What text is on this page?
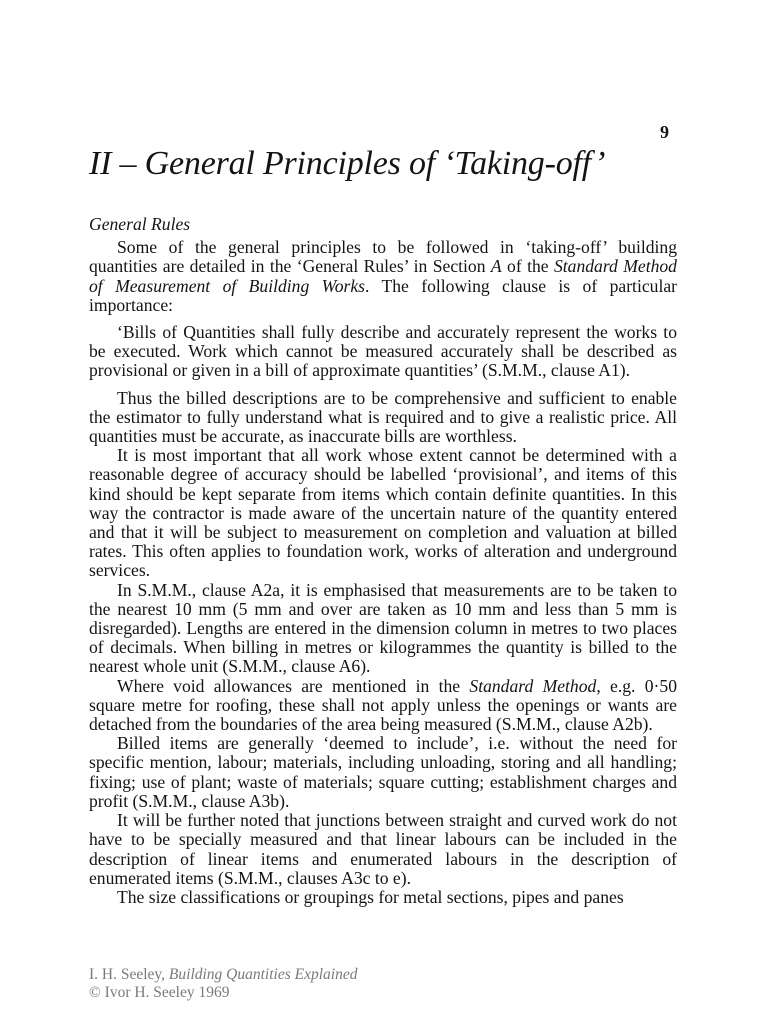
9
II – General Principles of ‘Taking-off’
General Rules

Some of the general principles to be followed in ‘taking-off’ building quantities are detailed in the ‘General Rules’ in Section A of the Standard Method of Measurement of Building Works. The following clause is of particular importance:

‘Bills of Quantities shall fully describe and accurately represent the works to be executed. Work which cannot be measured accurately shall be described as provisional or given in a bill of approximate quantities’ (S.M.M., clause A1).

Thus the billed descriptions are to be comprehensive and sufficient to enable the estimator to fully understand what is required and to give a realistic price. All quantities must be accurate, as inaccurate bills are worthless.

It is most important that all work whose extent cannot be determined with a reasonable degree of accuracy should be labelled ‘provisional’, and items of this kind should be kept separate from items which contain definite quantities. In this way the contractor is made aware of the uncertain nature of the quantity entered and that it will be subject to measurement on completion and valuation at billed rates. This often applies to foundation work, works of alteration and underground services.

In S.M.M., clause A2a, it is emphasised that measurements are to be taken to the nearest 10 mm (5 mm and over are taken as 10 mm and less than 5 mm is disregarded). Lengths are entered in the dimension column in metres to two places of decimals. When billing in metres or kilogrammes the quantity is billed to the nearest whole unit (S.M.M., clause A6).

Where void allowances are mentioned in the Standard Method, e.g. 0·50 square metre for roofing, these shall not apply unless the openings or wants are detached from the boundaries of the area being measured (S.M.M., clause A2b).

Billed items are generally ‘deemed to include’, i.e. without the need for specific mention, labour; materials, including unloading, storing and all handling; fixing; use of plant; waste of materials; square cutting; establishment charges and profit (S.M.M., clause A3b).

It will be further noted that junctions between straight and curved work do not have to be specially measured and that linear labours can be included in the description of linear items and enumerated labours in the description of enumerated items (S.M.M., clauses A3c to e).

The size classifications or groupings for metal sections, pipes and panes

I. H. Seeley, Building Quantities Explained
© Ivor H. Seeley 1969
